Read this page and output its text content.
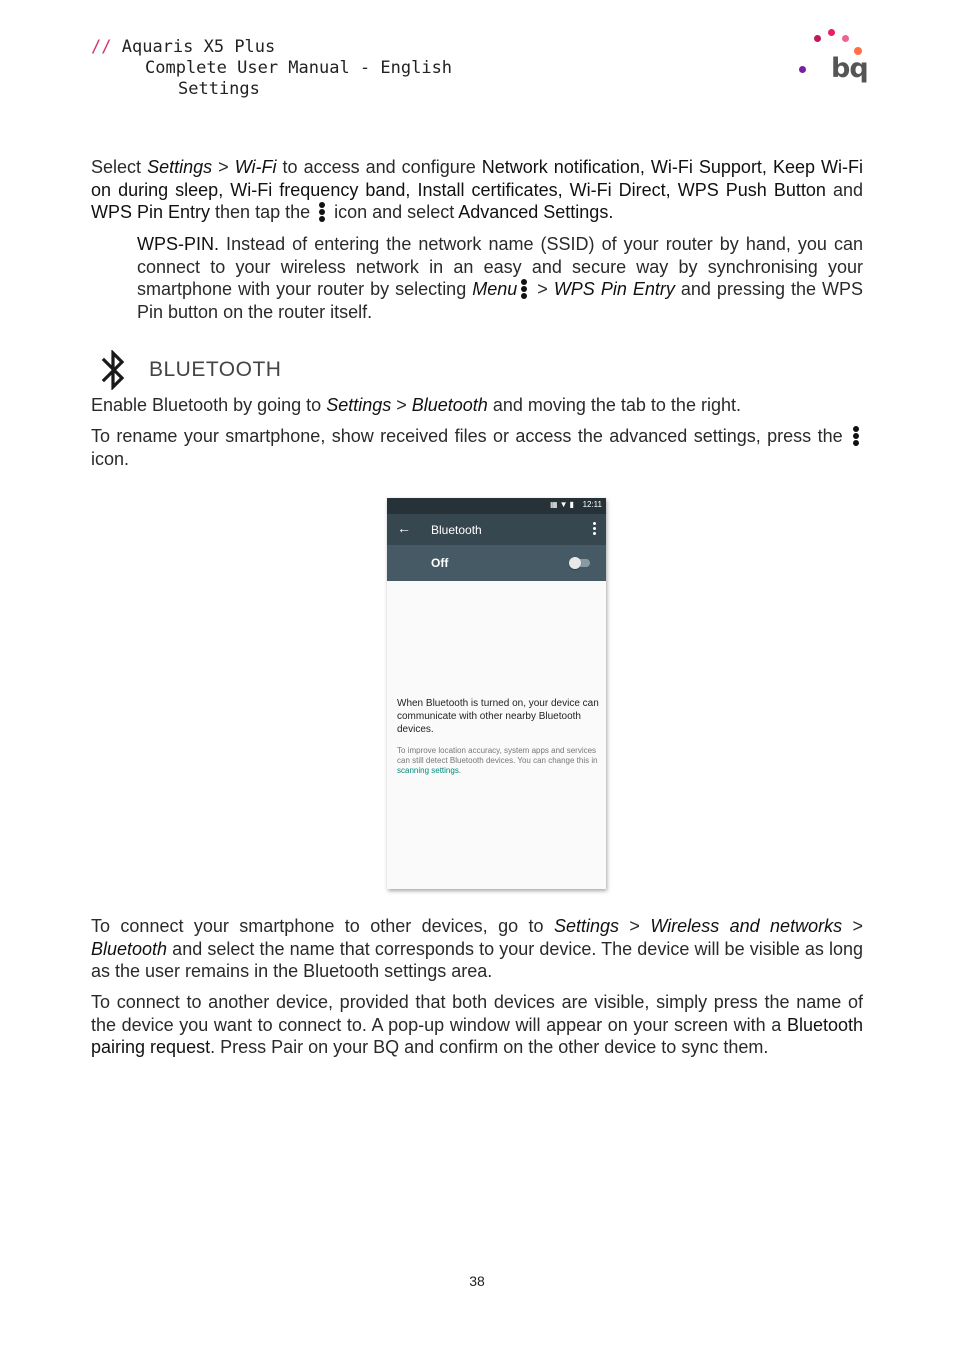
// Aquaris X5 Plus
Complete User Manual - English
Settings
bq
Select Settings > Wi-Fi to access and configure Network notification, Wi-Fi Support, Keep Wi-Fi on during sleep, Wi-Fi frequency band, Install certificates, Wi-Fi Direct, WPS Push Button and WPS Pin Entry then tap the
icon and select Advanced Settings.
WPS-PIN. Instead of entering the network name (SSID) of your router by hand, you can connect to your wireless network in an easy and secure way by synchronising your smartphone with your router by selecting Menu
> WPS Pin Entry and pressing the WPS Pin button on the router itself.
BLUETOOTH
Enable Bluetooth by going to Settings > Bluetooth and moving the tab to the right.
To rename your smartphone, show received files or access the advanced settings, press the
icon.
▦▼▮ 12:11
← Bluetooth
Off
When Bluetooth is turned on, your device can communicate with other nearby Bluetooth devices.
To improve location accuracy, system apps and services can still detect Bluetooth devices. You can change this in scanning settings.
To connect your smartphone to other devices, go to Settings > Wireless and networks > Bluetooth and select the name that corresponds to your device. The device will be visible as long as the user remains in the Bluetooth settings area.
To connect to another device, provided that both devices are visible, simply press the name of the device you want to connect to. A pop-up window will appear on your screen with a Bluetooth pairing request. Press Pair on your BQ and confirm on the other device to sync them.
38
